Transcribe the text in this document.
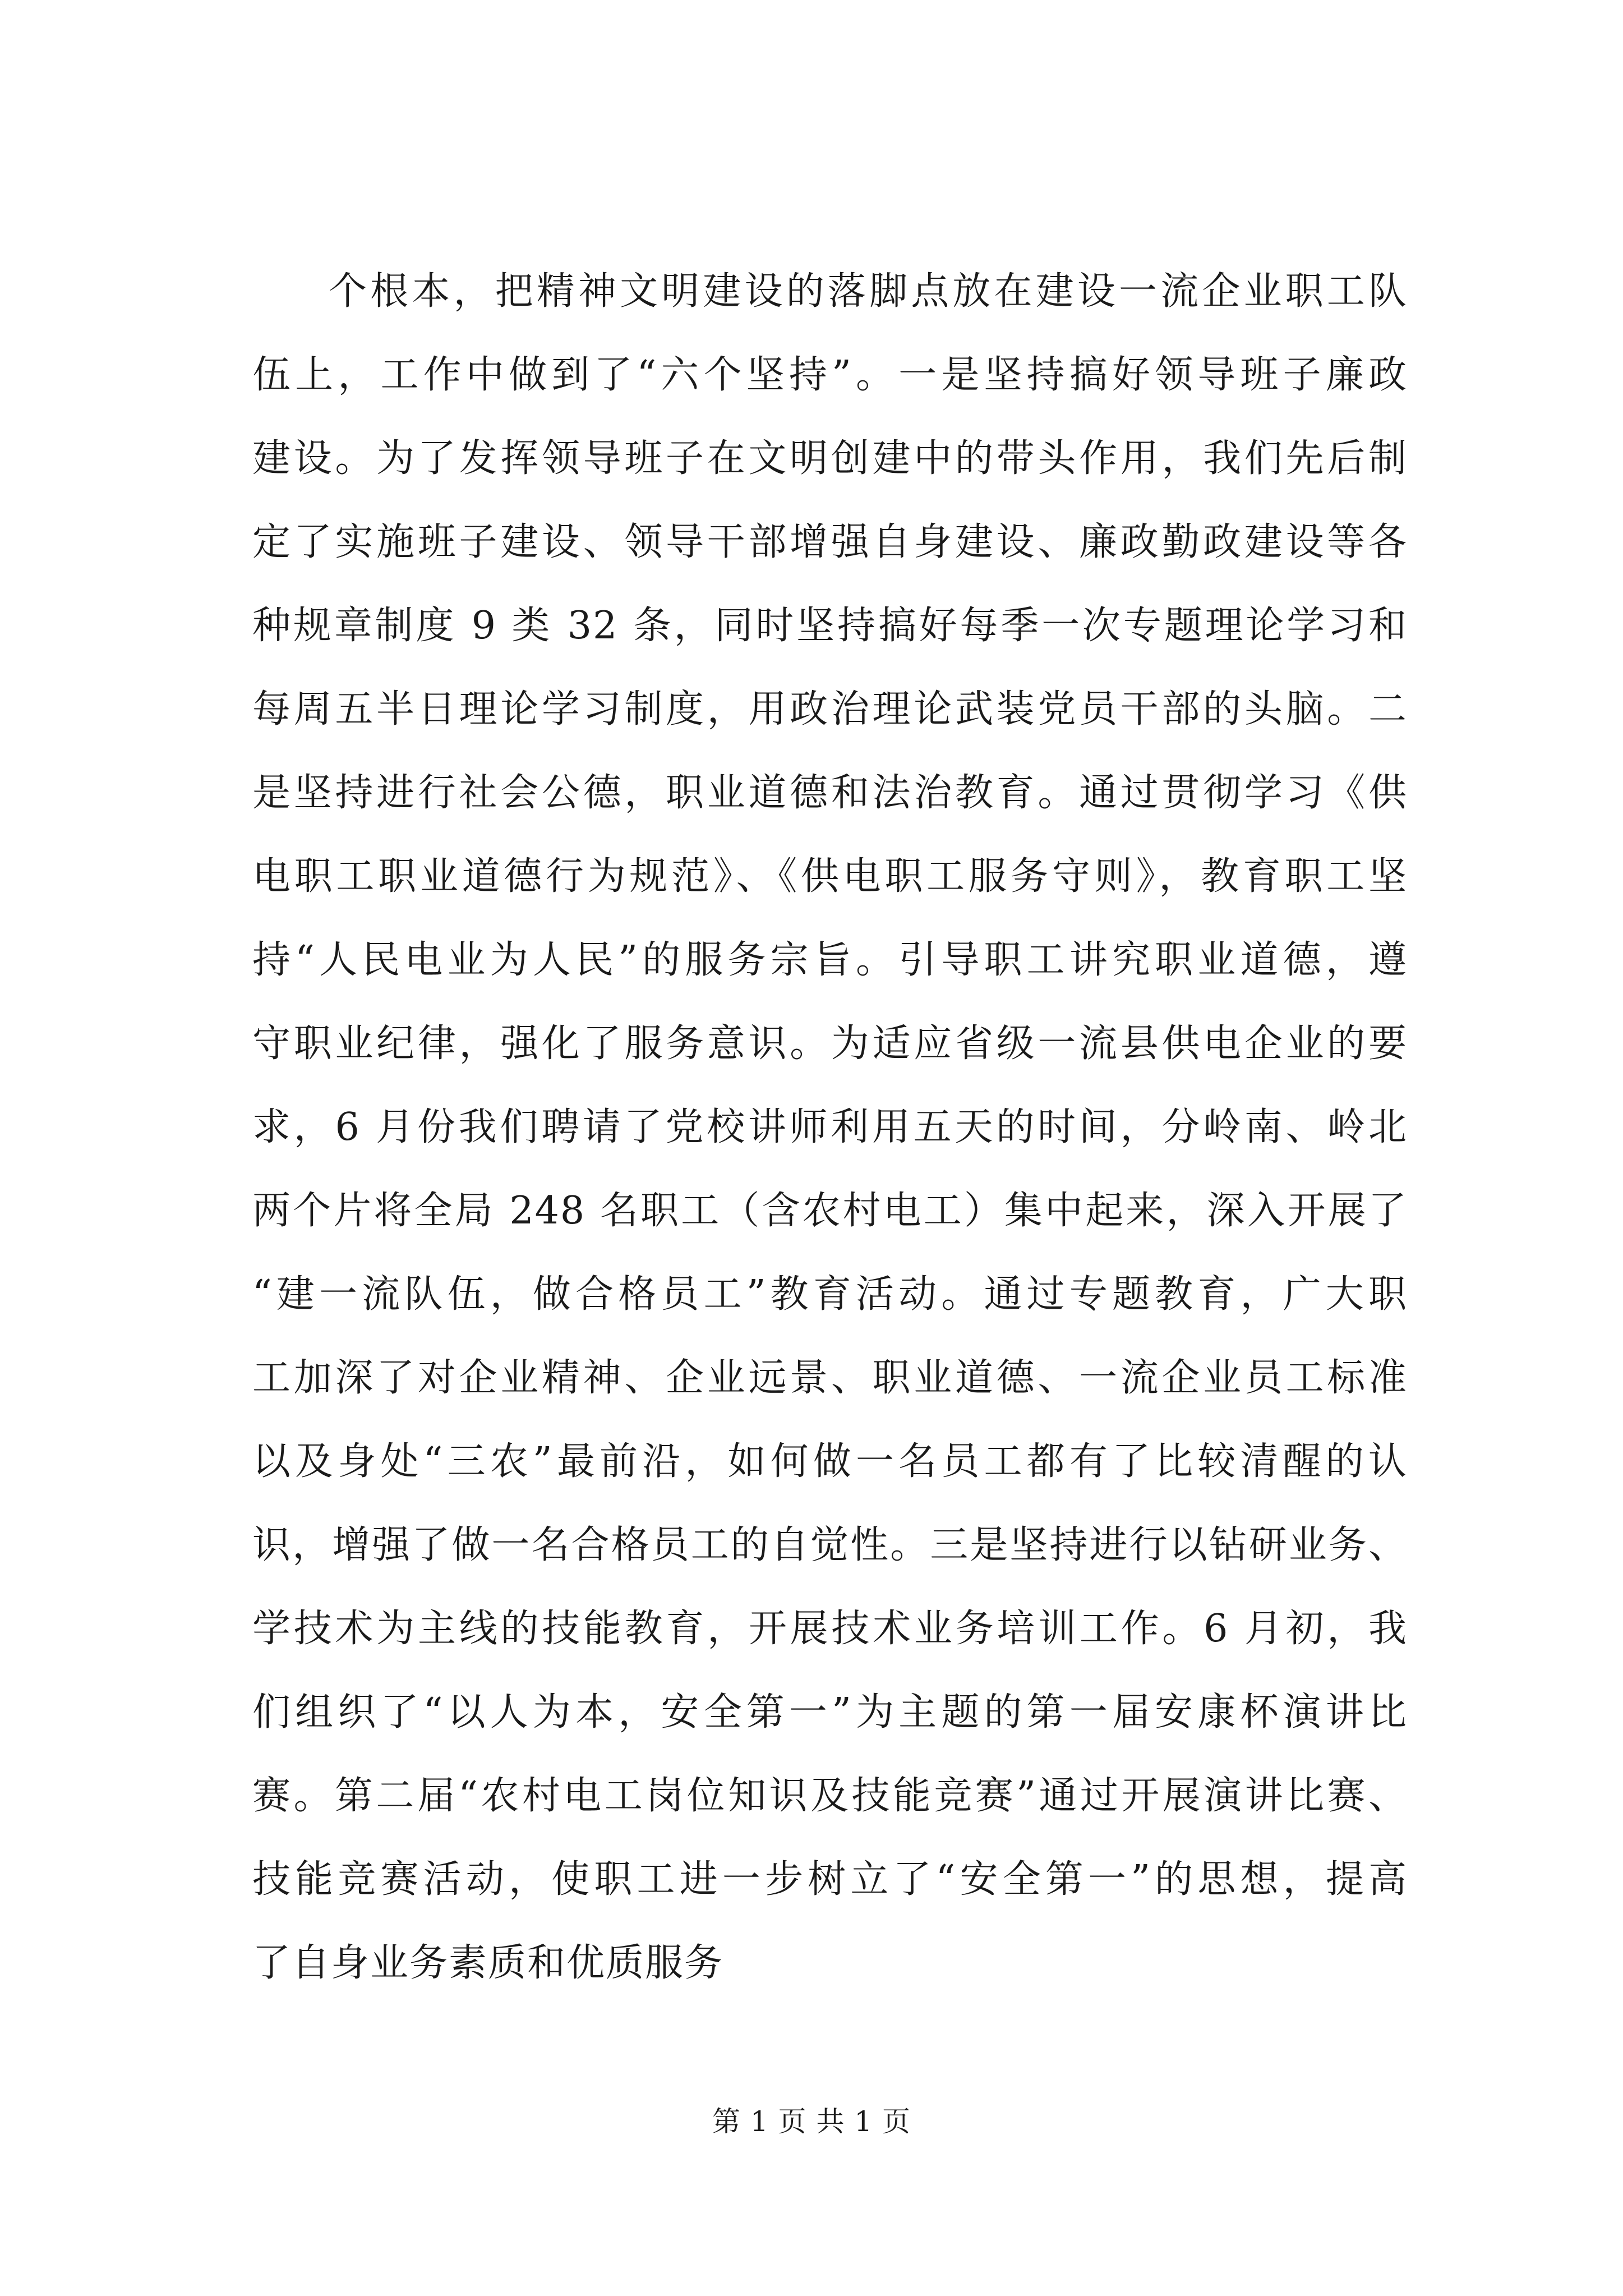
个根本，把精神文明建设的落脚点放在建设一流企业职工队
伍上，工作中做到了“六个坚持”。一是坚持搞好领导班子廉政
建设。为了发挥领导班子在文明创建中的带头作用，我们先后制
定了实施班子建设、领导干部增强自身建设、廉政勤政建设等各
种规章制度 9 类 32 条，同时坚持搞好每季一次专题理论学习和
每周五半日理论学习制度，用政治理论武装党员干部的头脑。二
是坚持进行社会公德，职业道德和法治教育。通过贯彻学习《供
电职工职业道德行为规范》、《供电职工服务守则》，教育职工坚
持“人民电业为人民”的服务宗旨。引导职工讲究职业道德，遵
守职业纪律，强化了服务意识。为适应省级一流县供电企业的要
求，6 月份我们聘请了党校讲师利用五天的时间，分岭南、岭北
两个片将全局 248 名职工（含农村电工）集中起来，深入开展了
“建一流队伍，做合格员工”教育活动。通过专题教育，广大职
工加深了对企业精神、企业远景、职业道德、一流企业员工标准
以及身处“三农”最前沿，如何做一名员工都有了比较清醒的认
识，增强了做一名合格员工的自觉性。三是坚持进行以钻研业务、
学技术为主线的技能教育，开展技术业务培训工作。6 月初，我
们组织了“以人为本，安全第一”为主题的第一届安康杯演讲比
赛。第二届“农村电工岗位知识及技能竞赛”通过开展演讲比赛、
技能竞赛活动，使职工进一步树立了“安全第一”的思想，提高
了自身业务素质和优质服务
第 1 页 共 1 页
